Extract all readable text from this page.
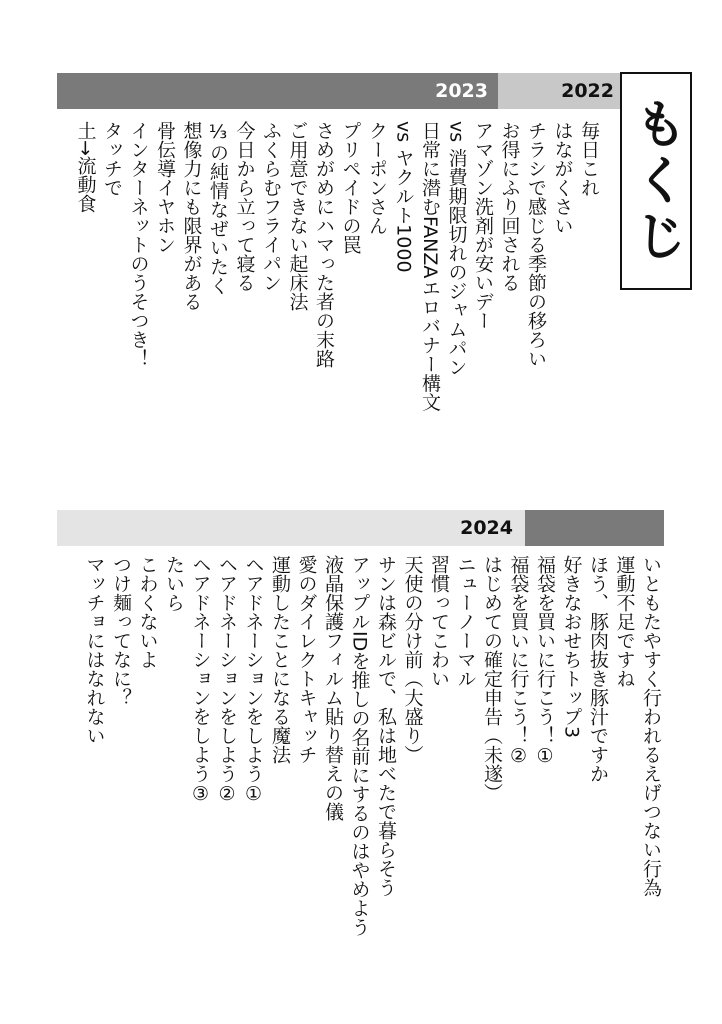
2023	2022
もくじ
毎日これ
はながくさい
チラシで感じる季節の移ろい
お得にふり回される
アマゾン洗剤が安いデー
vs 消費期限切れのジャムパン
日常に潜むFANZAエロバナー構文
vs ヤクルト1000
クーポンさん
プリペイドの罠
さめがめにハマった者の末路
ご用意できない起床法
ふくらむフライパン
今日から立って寝る
⅓の純情なぜいたく
想像力にも限界がある
骨伝導イヤホン
インターネットのうそつき！
タッチで
土→流動食
2024
いともたやすく行われるえげつない行為
運動不足ですね
ほう、豚肉抜き豚汁ですか
好きなおせちトップ3
福袋を買いに行こう！①
福袋を買いに行こう！②
はじめての確定申告（未遂）
ニューノーマル
習慣ってこわい
天使の分け前（大盛り）
サンは森ビルで、私は地べたで暮らそう
アップルIDを推しの名前にするのはやめよう
液晶保護フィルム貼り替えの儀
愛のダイレクトキャッチ
運動したことになる魔法
ヘアドネーションをしよう①
ヘアドネーションをしよう②
ヘアドネーションをしよう③
たいら
こわくないよ
つけ麺ってなに？
マッチョにはなれない
